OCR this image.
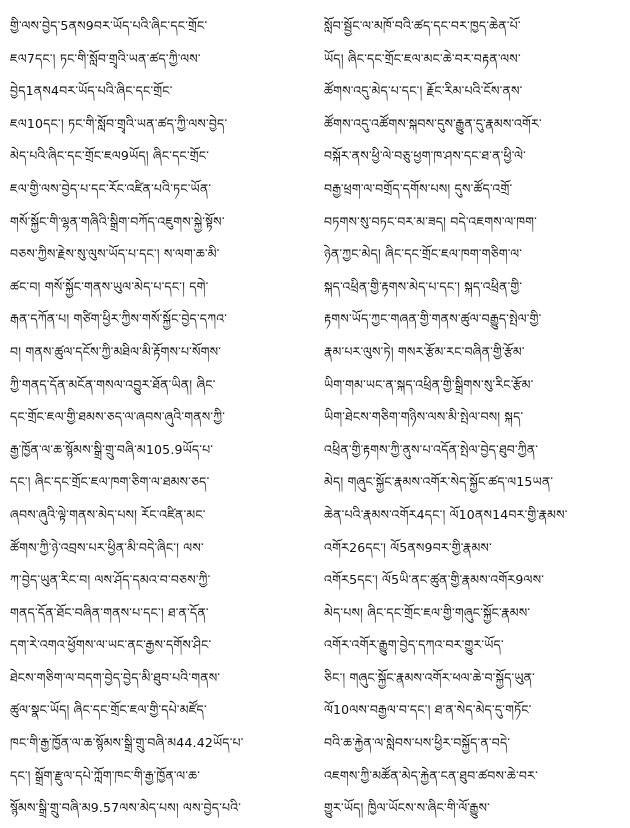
གྱི་ལས་བྱེད་5ནས9བར་ཡོད་པའི་ཞིང་དང་གྲོང་
ཇལ7དང་། ཏང་གི་སློབ་གྲྭའི་ཡན་ཚད་ཀྱི་ལས་
བྱེད1ནས4བར་ཡོད་པའི་ཞིང་དང་གྲོང་
ཇལ10དང་། ཏང་གི་སློབ་གྲྭའི་ཡན་ཚད་ཀྱི་ལས་བྱེད་
མེད་པའི་ཞིང་དང་གྲོང་ཇལ9ཡོད། ཞིང་དང་གྲོང་
ཇལ་གྱི་ལས་བྱེད་པ་དང་རོང་འཛིན་པའི་ཏང་ཡོན་
གསོ་སྐྱོང་གི་ལྷན་གཞིའི་སྒྲིག་བཀོད་འཇུགས་སྐྱེ་སྟོས་
བཅས་ཀྱིས་རྗེས་སུ་ལུས་ཡོད་པ་དང་། ས་ལག་ཆ་མི་
ཚང་བ། གསོ་སྐྱོང་གནས་ཡུལ་མེད་པ་དང་། དགེ་
རྒན་དཀོན་པ། གཙིག་ཕྱིར་ཀྱིས་གསོ་སྐྱོང་བྱེད་དཀའ་
བ། གནས་ཚུལ་དངོས་ཀྱི་མཐིལ་མི་རྟོགས་པ་སོགས་
ཀྱི་གནད་དོན་མངོན་གསལ་འབྱུར་ཐོན་ཡིན། ཞིང་
དང་གྲོང་ཇལ་གྱི་ཐམས་ཅད་ལ་ཞབས་ཞུའི་གནས་ཀྱི་
རྒྱ་ཁྱོན་ལ་ཆ་སྙོམས་སྒྲི་གྲུ་བཞི་མ105.9ཡོད་པ་
དང་། ཞིང་དང་གྲོང་ཇལ་ཁག་ཅིག་ལ་ཐམས་ཅད་
ཞབས་ཞུའི་ལྟེ་གནས་མེད་པས། རོང་འཛིན་མང་
ཚོགས་ཀྱི་ཉེ་འབྲས་པར་ཕྱིན་མི་བདེ་ཞིང་། ལས་
ཀ་བྱེད་ཡུན་རིང་བ། ལས་ཤོད་དམའ་བ་བཅས་ཀྱི་
གནད་དོན་ཐོང་བཞིན་གནས་པ་དང་། ཐ་ན་དོན་
དག་རེ་འགའ་ཕྱོགས་ལ་ཡང་ནང་རྒྱས་དགོས་ཤིང་
ཐེངས་གཅིག་ལ་བདག་བྱེད་བྱེད་མི་ཐུབ་པའི་གནས་
ཚུལ་སྣང་ཡོད། ཞིང་དང་གྲོང་ཇལ་གྱི་དཔེ་མཛོད་
ཁང་གི་རྒྱ་ཁྱོན་ལ་ཆ་སྙོམས་སྒྲི་གྲུ་བཞི་མ44.42ཡོད་པ་
དང་། སྒྲོག་རྫུལ་དཔེ་ཀློག་ཁང་གི་རྒྱ་ཁྱོན་ལ་ཆ་
སྙོམས་སྒྲི་གྲུ་བཞི་མ9.57ལས་མེད་པས། ལས་བྱེད་པའི་
སློབ་སྦྱོང་ལ་མཁོ་བའི་ཚད་དང་བར་ཁྱད་ཆེན་པོ་
ཡོད། ཞིང་དང་གྲོང་ཇལ་མང་ཆེ་བར་བརྟན་ལས་
ཚོགས་འདུ་མེད་པ་དང་། རྗོང་རིམ་པའི་ངོས་ནས་
ཚོགས་འདུ་འཚོགས་སྐབས་དུས་རྒྱུན་དུ་རྣམས་འགོར་
བསྐོར་ནས་ཕྱི་ལེ་བཅུ་ཕྱག་ཁ་ཤས་དང་ཐ་ན་ཕྱི་ལེ་
བརྒྱ་ཕྲག་ལ་བགྲོད་དགོས་པས། དུས་ཚོད་འགྲོ་
བཏགས་སུ་བཏང་བར་མ་ཟད། བདེ་འཇགས་ལ་ཁག་
ཉེན་ཀྱང་མེད། ཞིང་དང་གྲོང་ཇལ་ཁག་གཅིག་ལ་
སྐད་འཕྲིན་གྱི་རྟགས་མེད་པ་དང་། སྐད་འཕྲིན་གྱི་
རྟགས་ཡོད་ཀྱང་གཞན་གྱི་གནས་ཚུལ་བརྒྱུད་སྤེལ་གྱི་
རྣམ་པར་ལུས་ཏེ། གསར་རྩོམ་རང་བཞིན་གྱི་རྩོམ་
ཡིག་གམ་ཡང་ན་སྐད་འཕྲིན་གྱི་སྒྲིགས་སུ་རིང་རྩོམ་
ཡིག་ཐེངས་གཅིག་གཉིས་ལས་མི་སྤེལ་བས། སྐད་
འཕྲིན་གྱི་རྟགས་ཀྱི་ནུས་པ་འདོན་སྤེལ་བྱེད་ཐུབ་ཀྱིན་
མེད། གཞུང་སྐྱོང་རྣམས་འགོར་སེད་སྐྱོང་ཚད་ལ15ཡན་
ཆེན་པའི་རྣམས་འགོར4དང་། ལོ10ནས14བར་གྱི་རྣམས་
འགོར26དང་། ལོ5ནས9བར་གྱི་རྣམས་
འགོར5དང་། ལོ5ཡི་ནང་ཚུན་གྱི་རྣམས་འགོར9ལས་
མེད་པས། ཞིང་དང་གྲོང་ཇལ་གྱི་གཞུང་སྐྱོང་རྣམས་
འགོར་འགོར་རྒྱུག་བྱེད་དཀའ་བར་གྱུར་ཡོད་
ཅིང་། གཞུང་སྐྱོང་རྣམས་འགོར་ཕལ་ཆེ་བ་སྐྱོད་ཡུན་
ལོ10ལས་བརྒྱལ་བ་དང་། ཐ་ན་སེད་མེད་དུ་གཏོང་
བའི་ཆ་རྐྱེན་ལ་སླེབས་པས་ཕྱིར་བསྐྱོད་ན་བདེ་
འཇགས་ཀྱི་མཚོན་མེད་རྐྱེན་ངན་ཐུབ་ཚབས་ཆེ་བར་
གྱུར་ཡོད། ཁྱིལ་ཡོངས་ས་ཞིང་གི་ལོ་རྒྱུས་
